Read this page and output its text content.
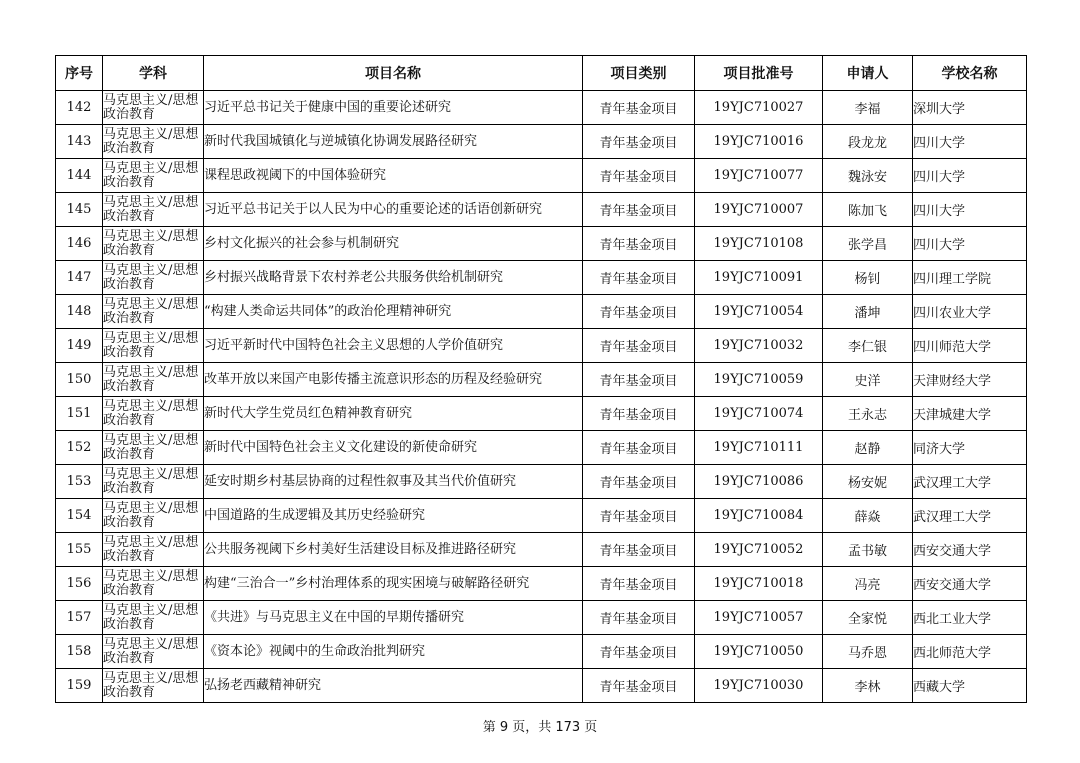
序号	学科	项目名称	项目类别	项目批准号	申请人	学校名称
142	马克思主义/思想政治教育	习近平总书记关于健康中国的重要论述研究	青年基金项目	19YJC710027	李福	深圳大学
143	马克思主义/思想政治教育	新时代我国城镇化与逆城镇化协调发展路径研究	青年基金项目	19YJC710016	段龙龙	四川大学
144	马克思主义/思想政治教育	课程思政视阈下的中国体验研究	青年基金项目	19YJC710077	魏泳安	四川大学
145	马克思主义/思想政治教育	习近平总书记关于以人民为中心的重要论述的话语创新研究	青年基金项目	19YJC710007	陈加飞	四川大学
146	马克思主义/思想政治教育	乡村文化振兴的社会参与机制研究	青年基金项目	19YJC710108	张学昌	四川大学
147	马克思主义/思想政治教育	乡村振兴战略背景下农村养老公共服务供给机制研究	青年基金项目	19YJC710091	杨钊	四川理工学院
148	马克思主义/思想政治教育	“构建人类命运共同体”的政治伦理精神研究	青年基金项目	19YJC710054	潘坤	四川农业大学
149	马克思主义/思想政治教育	习近平新时代中国特色社会主义思想的人学价值研究	青年基金项目	19YJC710032	李仁银	四川师范大学
150	马克思主义/思想政治教育	改革开放以来国产电影传播主流意识形态的历程及经验研究	青年基金项目	19YJC710059	史洋	天津财经大学
151	马克思主义/思想政治教育	新时代大学生党员红色精神教育研究	青年基金项目	19YJC710074	王永志	天津城建大学
152	马克思主义/思想政治教育	新时代中国特色社会主义文化建设的新使命研究	青年基金项目	19YJC710111	赵静	同济大学
153	马克思主义/思想政治教育	延安时期乡村基层协商的过程性叙事及其当代价值研究	青年基金项目	19YJC710086	杨安妮	武汉理工大学
154	马克思主义/思想政治教育	中国道路的生成逻辑及其历史经验研究	青年基金项目	19YJC710084	薛焱	武汉理工大学
155	马克思主义/思想政治教育	公共服务视阈下乡村美好生活建设目标及推进路径研究	青年基金项目	19YJC710052	孟书敏	西安交通大学
156	马克思主义/思想政治教育	构建“三治合一”乡村治理体系的现实困境与破解路径研究	青年基金项目	19YJC710018	冯亮	西安交通大学
157	马克思主义/思想政治教育	《共进》与马克思主义在中国的早期传播研究	青年基金项目	19YJC710057	全家悦	西北工业大学
158	马克思主义/思想政治教育	《资本论》视阈中的生命政治批判研究	青年基金项目	19YJC710050	马乔恩	西北师范大学
159	马克思主义/思想政治教育	弘扬老西藏精神研究	青年基金项目	19YJC710030	李林	西藏大学
第 9 页，共 173 页
